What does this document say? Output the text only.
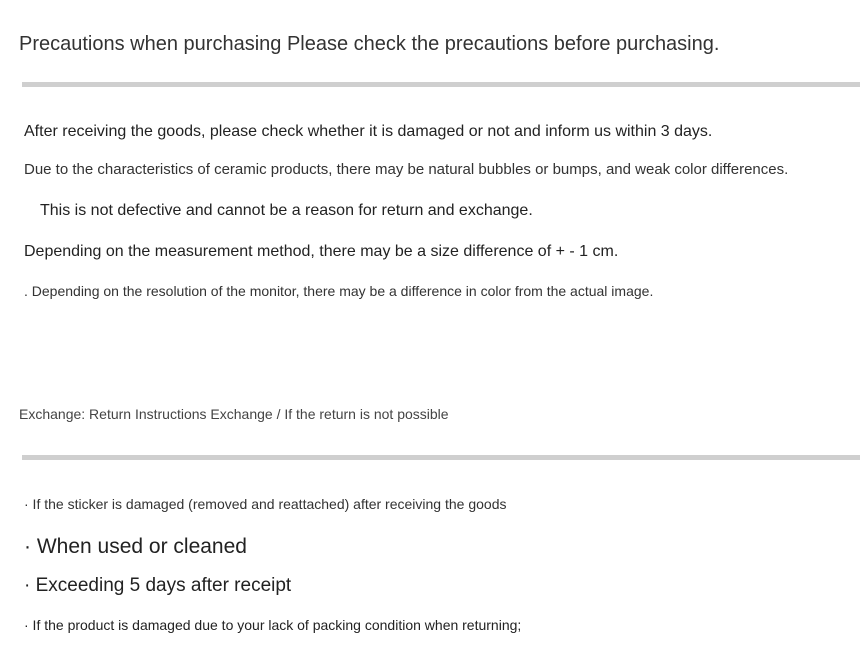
Precautions when purchasing Please check the precautions before purchasing.
After receiving the goods, please check whether it is damaged or not and inform us within 3 days.
Due to the characteristics of ceramic products, there may be natural bubbles or bumps, and weak color differences.
This is not defective and cannot be a reason for return and exchange.
Depending on the measurement method, there may be a size difference of + - 1 cm.
. Depending on the resolution of the monitor, there may be a difference in color from the actual image.
Exchange: Return Instructions Exchange / If the return is not possible
· If the sticker is damaged (removed and reattached) after receiving the goods
· When used or cleaned
· Exceeding 5 days after receipt
· If the product is damaged due to your lack of packing condition when returning;
